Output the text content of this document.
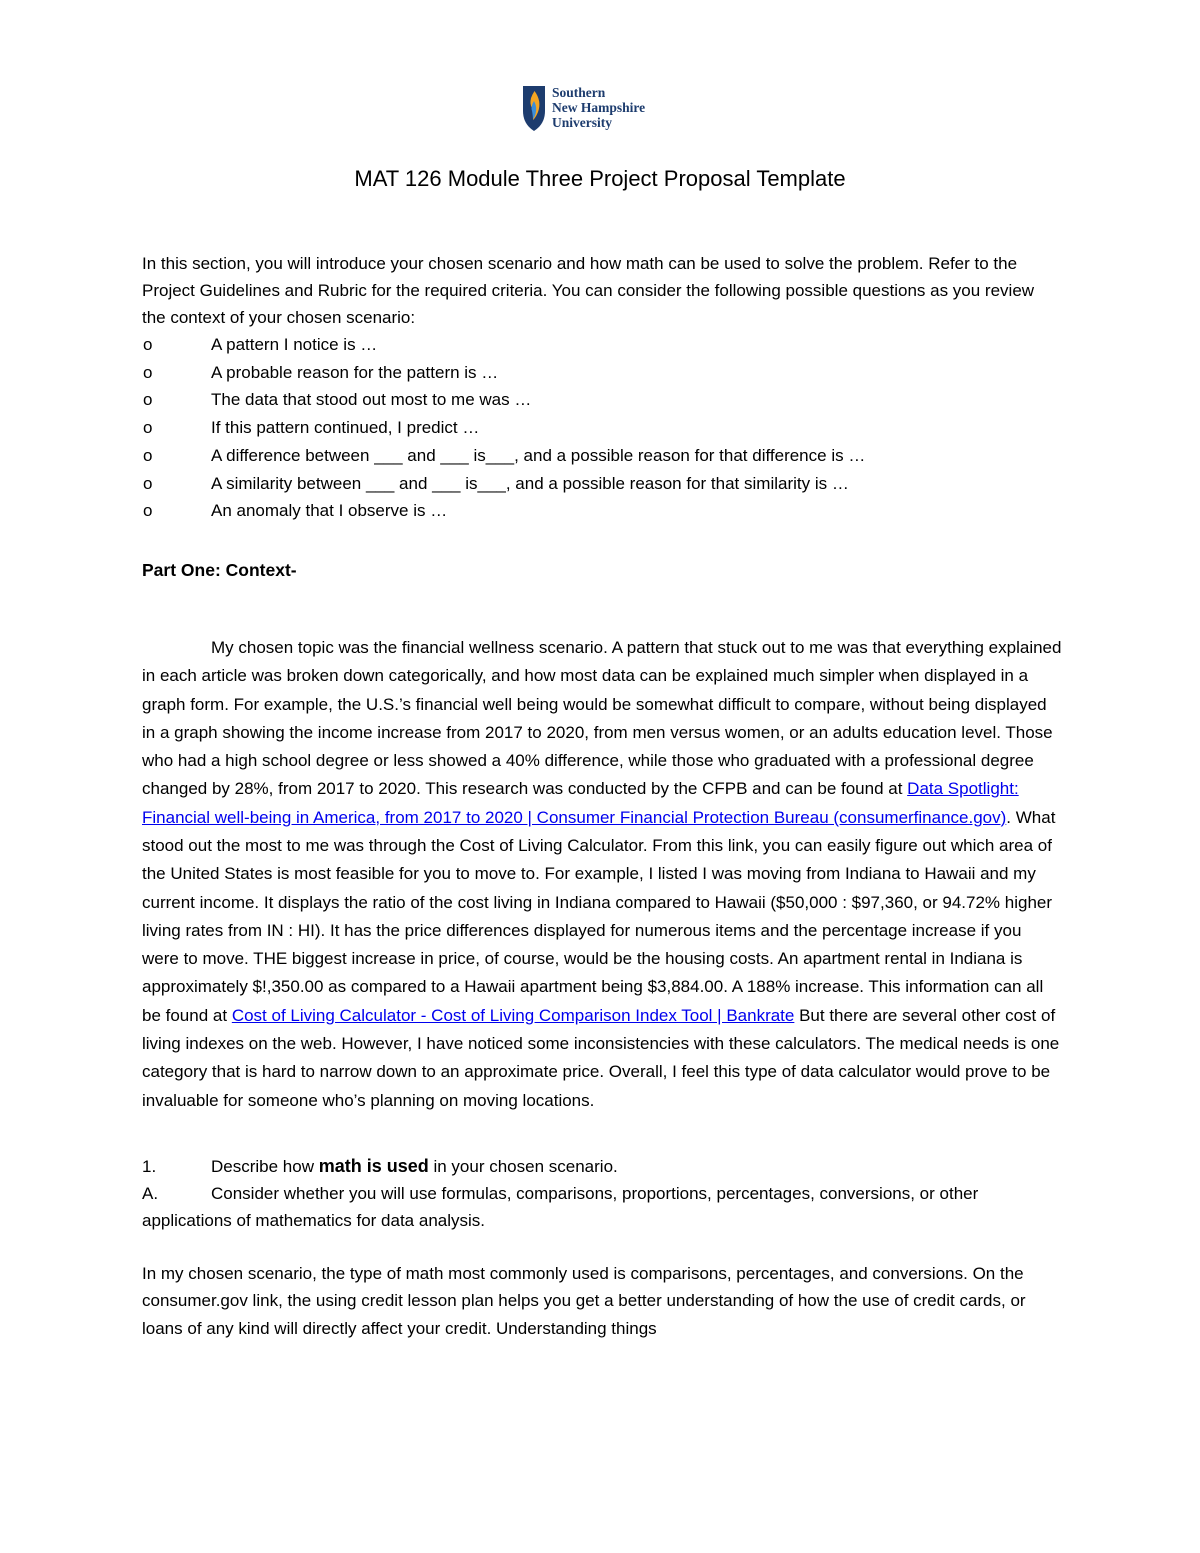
Southern
New Hampshire
University
MAT 126 Module Three Project Proposal Template

In this section, you will introduce your chosen scenario and how math can be used to solve the problem. Refer to the Project Guidelines and Rubric for the required criteria. You can consider the following possible questions as you review the context of your chosen scenario:

o	A pattern I notice is …
o	A probable reason for the pattern is …
o	The data that stood out most to me was …
o	If this pattern continued, I predict …
o	A difference between ___ and ___ is___, and a possible reason for that difference is …
o	A similarity between ___ and ___ is___, and a possible reason for that similarity is …
o	An anomaly that I observe is …

Part One: Context-

My chosen topic was the financial wellness scenario. A pattern that stuck out to me was that everything explained in each article was broken down categorically, and how most data can be explained much simpler when displayed in a graph form. For example, the U.S.’s financial well being would be somewhat difficult to compare, without being displayed in a graph showing the income increase from 2017 to 2020, from men versus women, or an adults education level. Those who had a high school degree or less showed a 40% difference, while those who graduated with a professional degree changed by 28%, from 2017 to 2020. This research was conducted by the CFPB and can be found at Data Spotlight: Financial well-being in America, from 2017 to 2020 | Consumer Financial Protection Bureau (consumerfinance.gov). What stood out the most to me was through the Cost of Living Calculator. From this link, you can easily figure out which area of the United States is most feasible for you to move to. For example, I listed I was moving from Indiana to Hawaii and my current income. It displays the ratio of the cost living in Indiana compared to Hawaii ($50,000 : $97,360, or 94.72% higher living rates from IN : HI). It has the price differences displayed for numerous items and the percentage increase if you were to move. THE biggest increase in price, of course, would be the housing costs. An apartment rental in Indiana is approximately $!,350.00 as compared to a Hawaii apartment being $3,884.00. A 188% increase. This information can all be found at Cost of Living Calculator - Cost of Living Comparison Index Tool | Bankrate But there are several other cost of living indexes on the web. However, I have noticed some inconsistencies with these calculators. The medical needs is one category that is hard to narrow down to an approximate price. Overall, I feel this type of data calculator would prove to be invaluable for someone who’s planning on moving locations.

1.	Describe how math is used in your chosen scenario.

A.	Consider whether you will use formulas, comparisons, proportions, percentages, conversions, or other applications of mathematics for data analysis.

In my chosen scenario, the type of math most commonly used is comparisons, percentages, and conversions. On the consumer.gov link, the using credit lesson plan helps you get a better understanding of how the use of credit cards, or loans of any kind will directly affect your credit. Understanding things
